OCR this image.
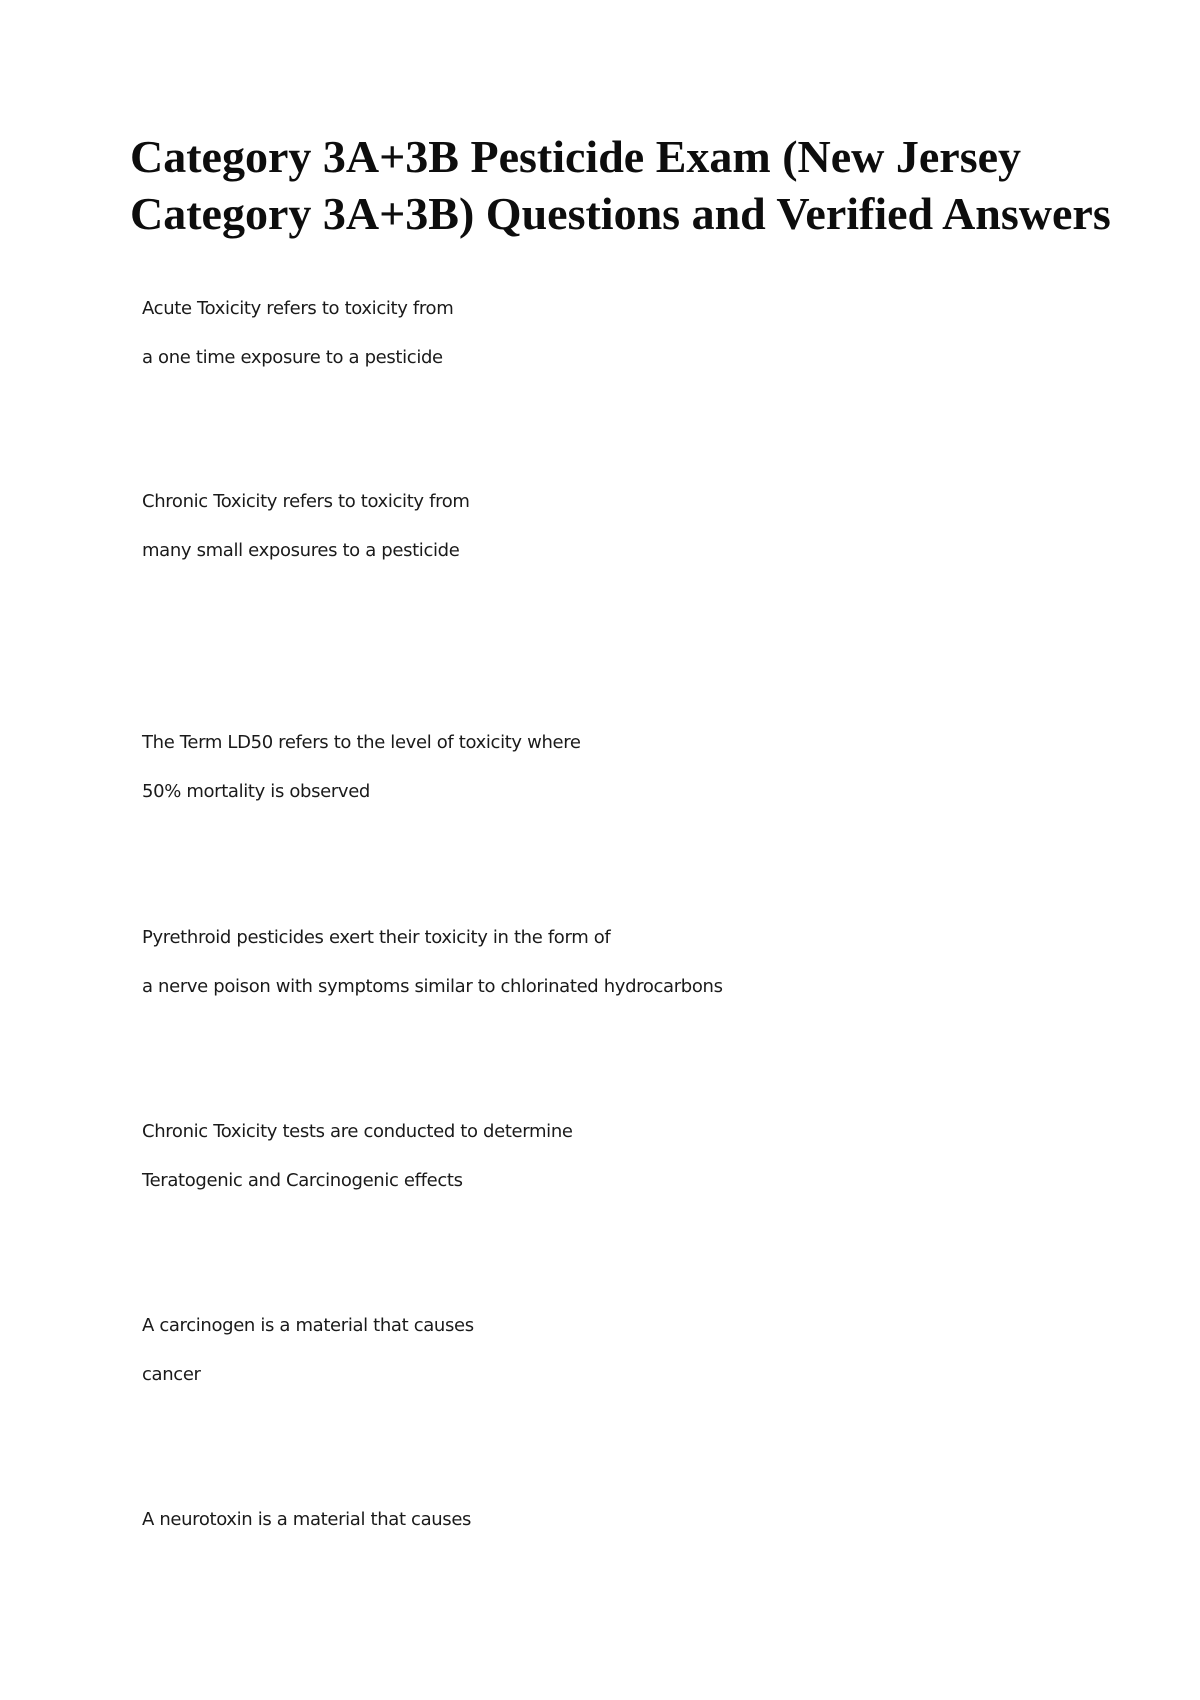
Category 3A+3B Pesticide Exam (New Jersey
Category 3A+3B) Questions and Verified Answers
Acute Toxicity refers to toxicity from
a one time exposure to a pesticide
Chronic Toxicity refers to toxicity from
many small exposures to a pesticide
The Term LD50 refers to the level of toxicity where
50% mortality is observed
Pyrethroid pesticides exert their toxicity in the form of
a nerve poison with symptoms similar to chlorinated hydrocarbons
Chronic Toxicity tests are conducted to determine
Teratogenic and Carcinogenic effects
A carcinogen is a material that causes
cancer
A neurotoxin is a material that causes
